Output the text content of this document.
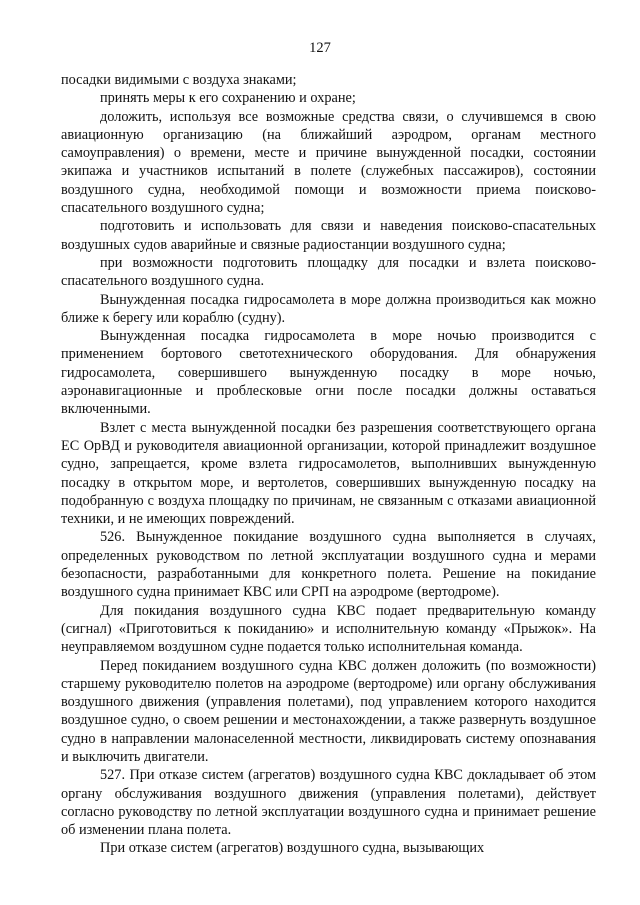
127

посадки видимыми с воздуха знаками;

принять меры к его сохранению и охране;

доложить, используя все возможные средства связи, о случившемся в свою авиационную организацию (на ближайший аэродром, органам местного самоуправления) о времени, месте и причине вынужденной посадки, состоянии экипажа и участников испытаний в полете (служебных пассажиров), состоянии воздушного судна, необходимой помощи и возможности приема поисково-спасательного воздушного судна;

подготовить и использовать для связи и наведения поисково-спасательных воздушных судов аварийные и связные радиостанции воздушного судна;

при возможности подготовить площадку для посадки и взлета поисково-спасательного воздушного судна.

Вынужденная посадка гидросамолета в море должна производиться как можно ближе к берегу или кораблю (судну).

Вынужденная посадка гидросамолета в море ночью производится с применением бортового светотехнического оборудования. Для обнаружения гидросамолета, совершившего вынужденную посадку в море ночью, аэронавигационные и проблесковые огни после посадки должны оставаться включенными.

Взлет с места вынужденной посадки без разрешения соответствующего органа ЕС ОрВД и руководителя авиационной организации, которой принадлежит воздушное судно, запрещается, кроме взлета гидросамолетов, выполнивших вынужденную посадку в открытом море, и вертолетов, совершивших вынужденную посадку на подобранную с воздуха площадку по причинам, не связанным с отказами авиационной техники, и не имеющих повреждений.

526. Вынужденное покидание воздушного судна выполняется в случаях, определенных руководством по летной эксплуатации воздушного судна и мерами безопасности, разработанными для конкретного полета. Решение на покидание воздушного судна принимает КВС или СРП на аэродроме (вертодроме).

Для покидания воздушного судна КВС подает предварительную команду (сигнал) «Приготовиться к покиданию» и исполнительную команду «Прыжок». На неуправляемом воздушном судне подается только исполнительная команда.

Перед покиданием воздушного судна КВС должен доложить (по возможности) старшему руководителю полетов на аэродроме (вертодроме) или органу обслуживания воздушного движения (управления полетами), под управлением которого находится воздушное судно, о своем решении и местонахождении, а также развернуть воздушное судно в направлении малонаселенной местности, ликвидировать систему опознавания и выключить двигатели.

527. При отказе систем (агрегатов) воздушного судна КВС докладывает об этом органу обслуживания воздушного движения (управления полетами), действует согласно руководству по летной эксплуатации воздушного судна и принимает решение об изменении плана полета.

При отказе систем (агрегатов) воздушного судна, вызывающих
